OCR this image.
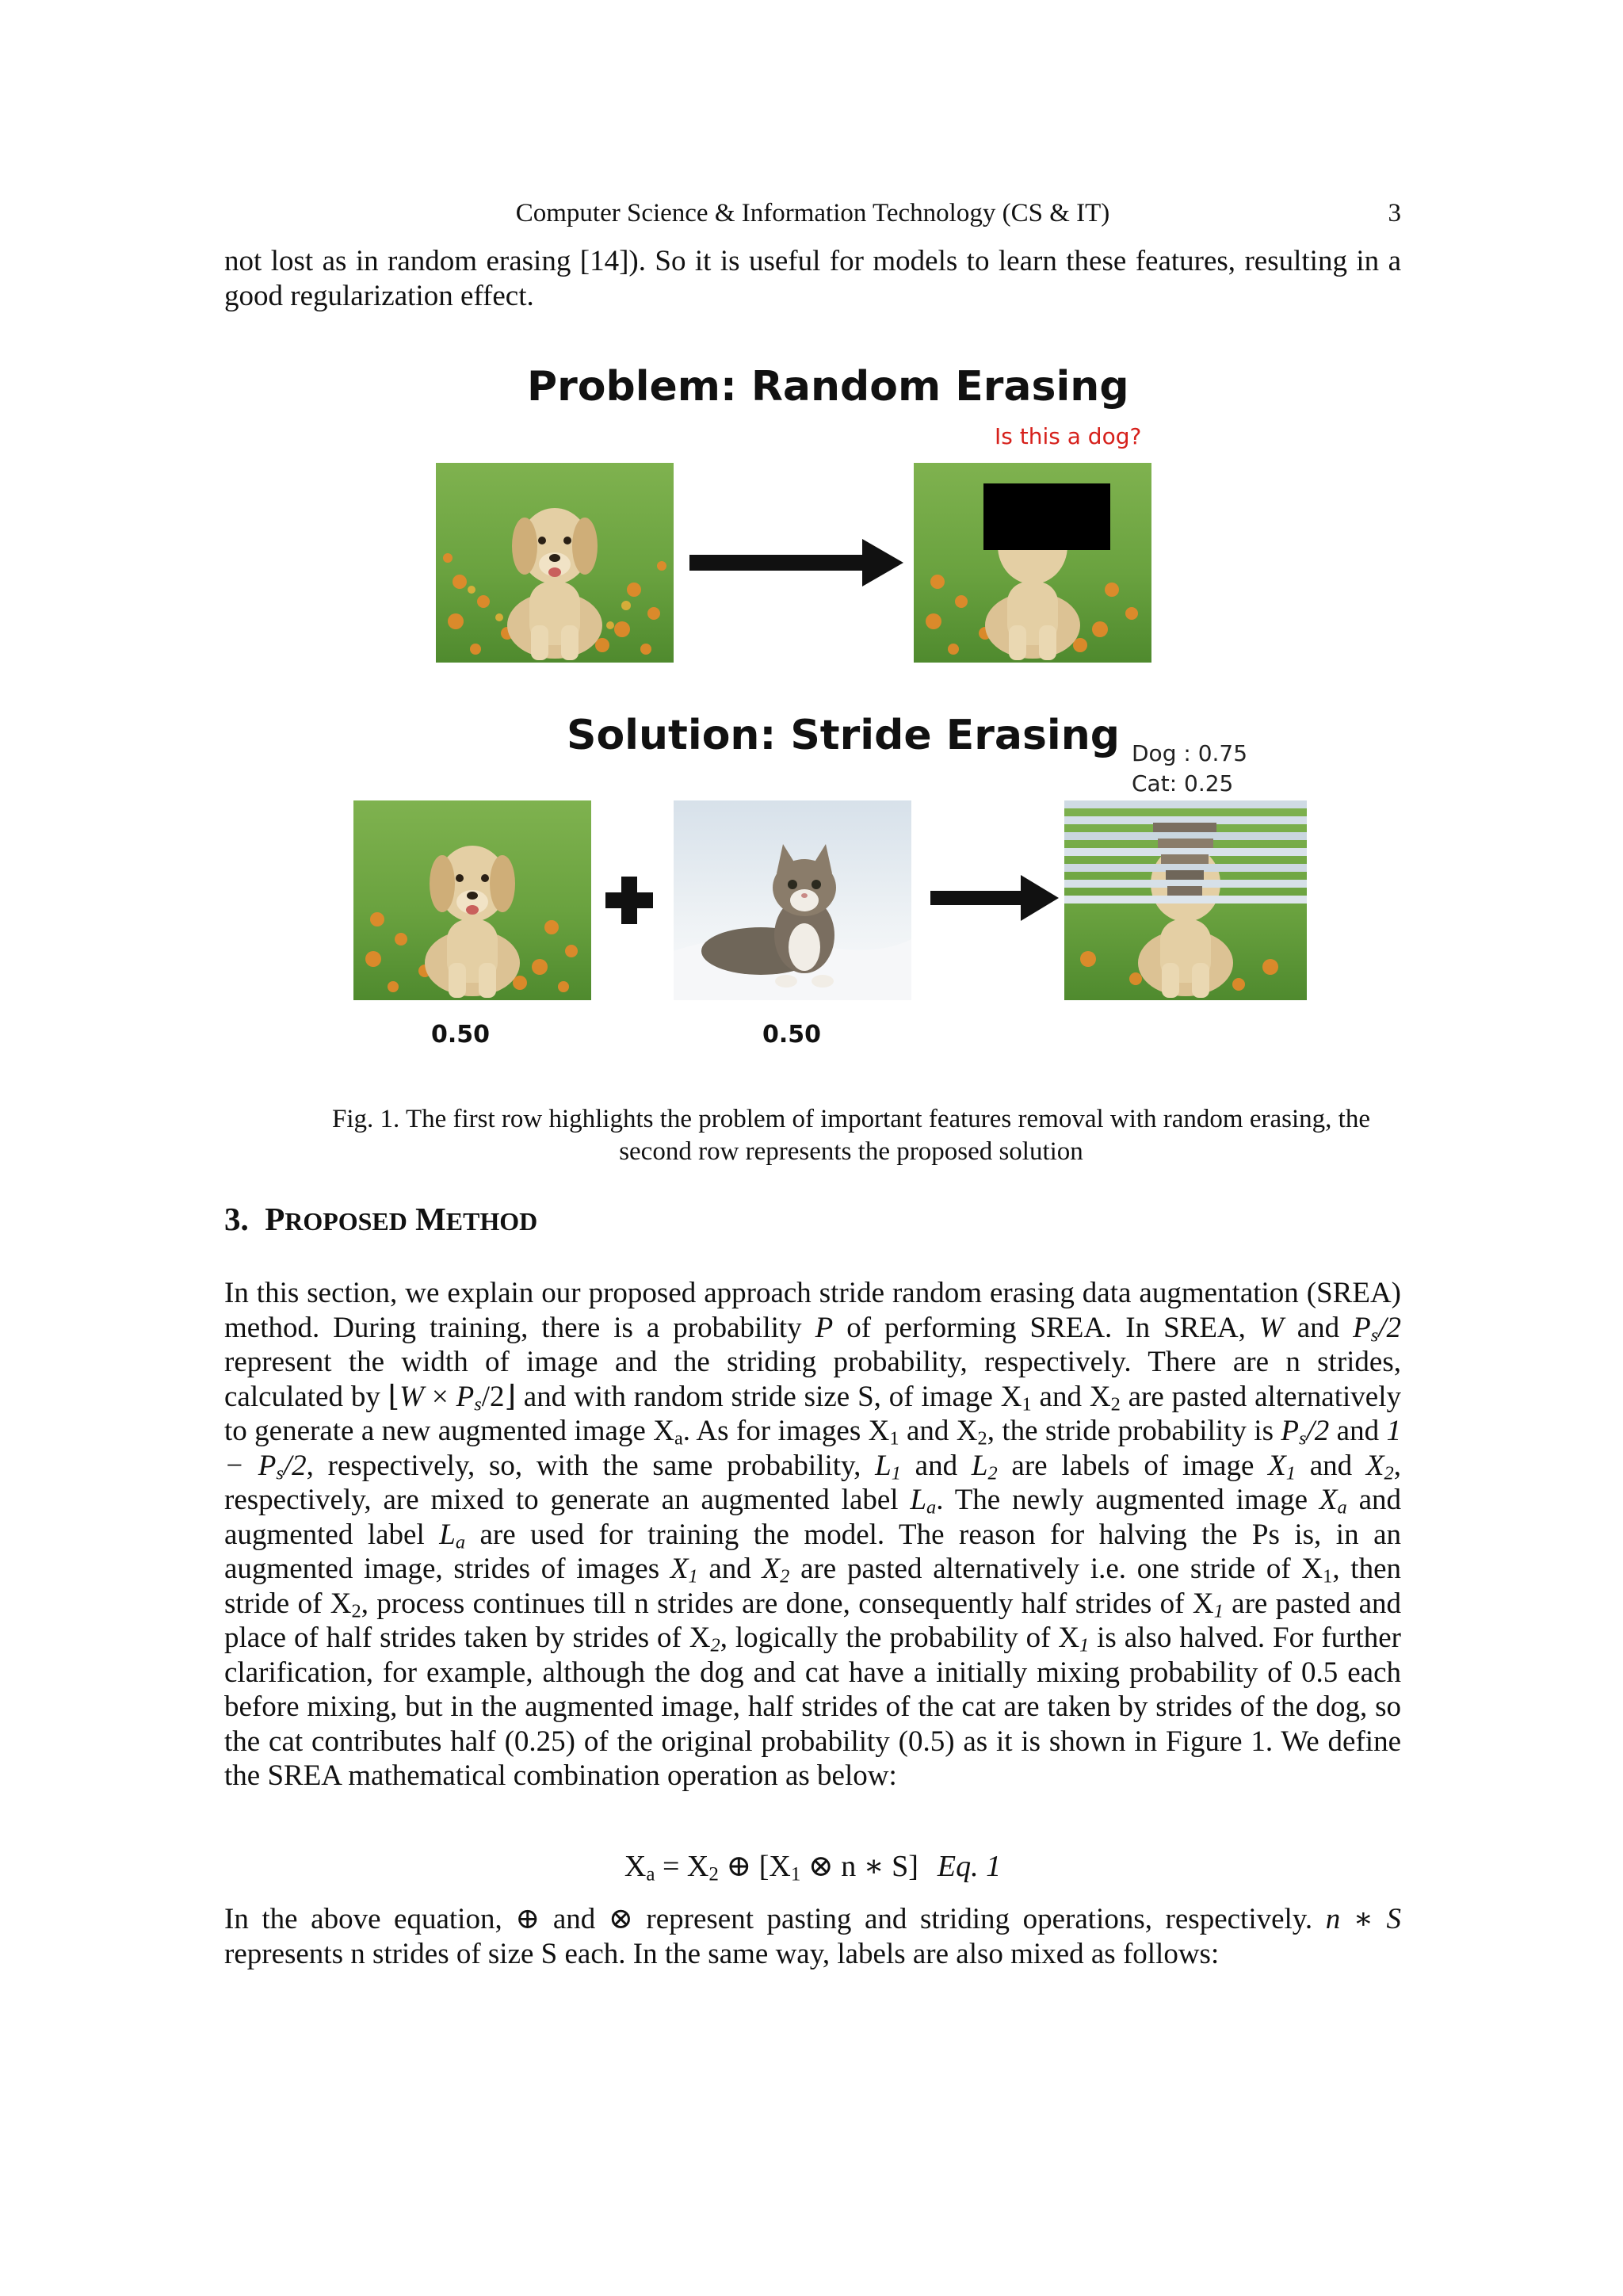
Computer Science & Information Technology (CS & IT)	3
not lost as in random erasing [14]). So it is useful for models to learn these features, resulting in a good regularization effect.
Problem: Random Erasing
Is this a dog?
Solution: Stride Erasing Dog : 0.75
Cat: 0.25
0.50	0.50
Fig. 1. The first row highlights the problem of important features removal with random erasing, the second row represents the proposed solution
3. PROPOSED METHOD
In this section, we explain our proposed approach stride random erasing data augmentation (SREA) method. During training, there is a probability P of performing SREA. In SREA, W and $P_s/2$ represent the width of image and the striding probability, respectively. There are n strides, calculated by ⌊W × $P_s/2⌋$ and with random stride size S, of image $X_1$ and $X_2$ are pasted alternatively to generate a new augmented image $X_a$. As for images $X_1$ and $X_2$, the stride probability is $P_s/2$ and $1 - P_s/2$, respectively, so, with the same probability, $L_1$ and $L_2$ are labels of image $X_1$ and $X_2$, respectively, are mixed to generate an augmented label $L_a$. The newly augmented image $X_a$ and augmented label $L_a$ are used for training the model. The reason for halving the Ps is, in an augmented image, strides of images $X_1$ and $X_2$ are pasted alternatively i.e. one stride of $X_1$, then stride of $X_2$, process continues till n strides are done, consequently half strides of $X_1$ are pasted and place of half strides taken by strides of $X_2$, logically the probability of $X_1$ is also halved. For further clarification, for example, although the dog and cat have a initially mixing probability of 0.5 each before mixing, but in the augmented image, half strides of the cat are taken by strides of the dog, so the cat contributes half (0.25) of the original probability (0.5) as it is shown in Figure 1. We define the SREA mathematical combination operation as below:
$X_a = X_2$ ⊕ [$X_1$ ⊗ n ∗ S] Eq. 1
In the above equation, ⊕ and ⊗ represent pasting and striding operations, respectively. n ∗ S represents n strides of size S each. In the same way, labels are also mixed as follows:
